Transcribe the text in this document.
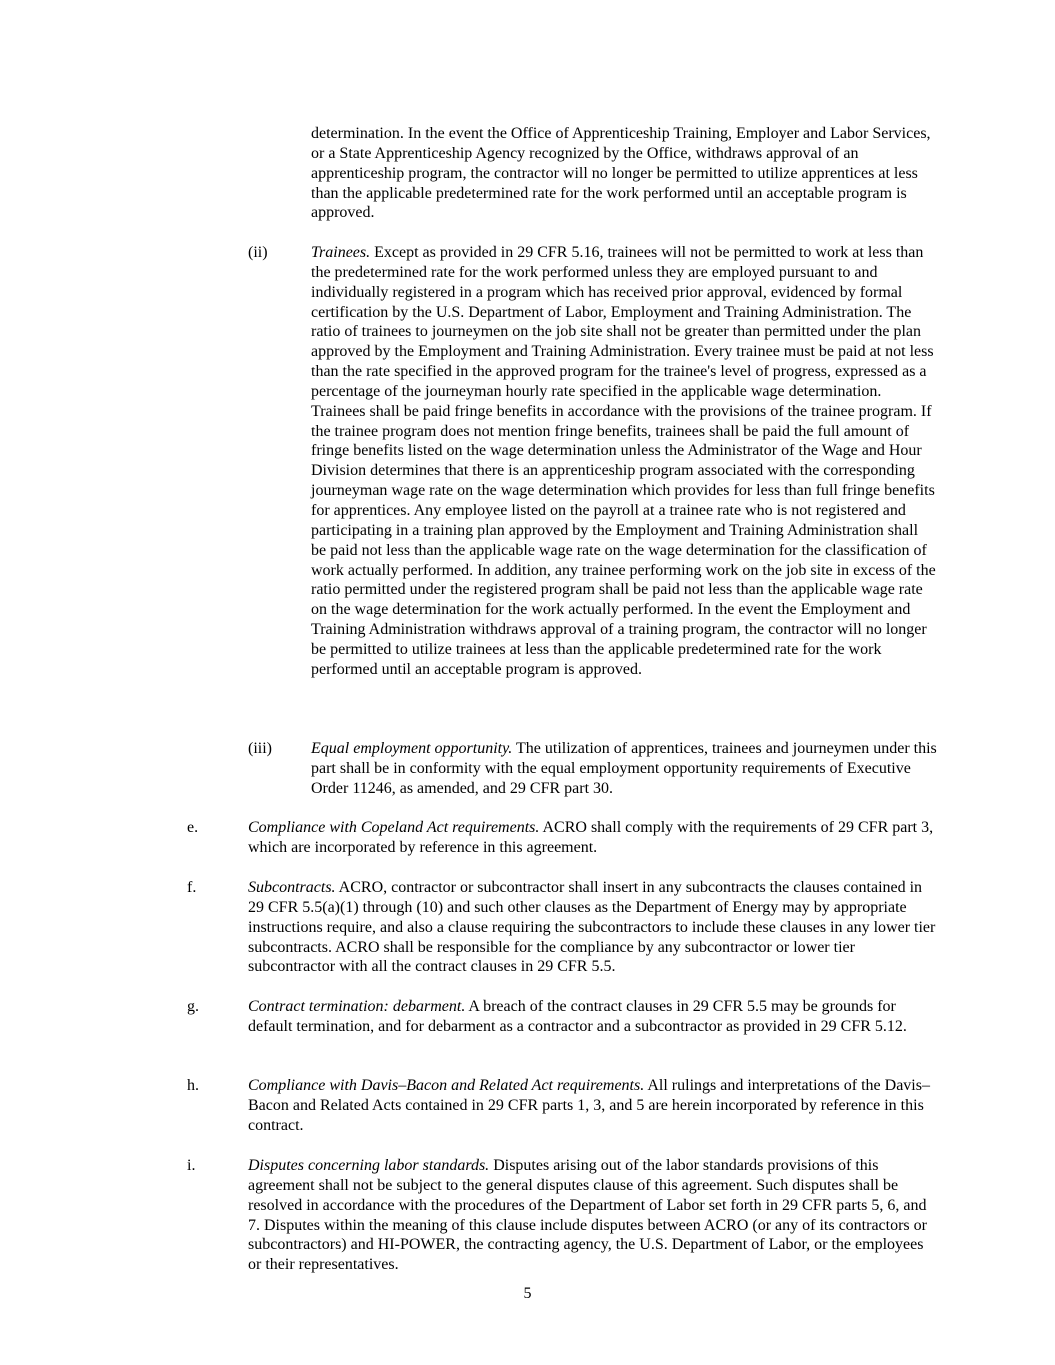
determination. In the event the Office of Apprenticeship Training, Employer and Labor Services, or a State Apprenticeship Agency recognized by the Office, withdraws approval of an apprenticeship program, the contractor will no longer be permitted to utilize apprentices at less than the applicable predetermined rate for the work performed until an acceptable program is approved.

(ii)	Trainees. Except as provided in 29 CFR 5.16, trainees will not be permitted to work at less than the predetermined rate for the work performed unless they are employed pursuant to and individually registered in a program which has received prior approval, evidenced by formal certification by the U.S. Department of Labor, Employment and Training Administration. The ratio of trainees to journeymen on the job site shall not be greater than permitted under the plan approved by the Employment and Training Administration. Every trainee must be paid at not less than the rate specified in the approved program for the trainee's level of progress, expressed as a percentage of the journeyman hourly rate specified in the applicable wage determination. Trainees shall be paid fringe benefits in accordance with the provisions of the trainee program. If the trainee program does not mention fringe benefits, trainees shall be paid the full amount of fringe benefits listed on the wage determination unless the Administrator of the Wage and Hour Division determines that there is an apprenticeship program associated with the corresponding journeyman wage rate on the wage determination which provides for less than full fringe benefits for apprentices. Any employee listed on the payroll at a trainee rate who is not registered and participating in a training plan approved by the Employment and Training Administration shall be paid not less than the applicable wage rate on the wage determination for the classification of work actually performed. In addition, any trainee performing work on the job site in excess of the ratio permitted under the registered program shall be paid not less than the applicable wage rate on the wage determination for the work actually performed. In the event the Employment and Training Administration withdraws approval of a training program, the contractor will no longer be permitted to utilize trainees at less than the applicable predetermined rate for the work performed until an acceptable program is approved.

(iii) Equal employment opportunity. The utilization of apprentices, trainees and journeymen under this part shall be in conformity with the equal employment opportunity requirements of Executive Order 11246, as amended, and 29 CFR part 30.

e.	Compliance with Copeland Act requirements. ACRO shall comply with the requirements of 29 CFR part 3, which are incorporated by reference in this agreement.

f.	Subcontracts. ACRO, contractor or subcontractor shall insert in any subcontracts the clauses contained in 29 CFR 5.5(a)(1) through (10) and such other clauses as the Department of Energy may by appropriate instructions require, and also a clause requiring the subcontractors to include these clauses in any lower tier subcontracts. ACRO shall be responsible for the compliance by any subcontractor or lower tier subcontractor with all the contract clauses in 29 CFR 5.5.

g.	Contract termination: debarment. A breach of the contract clauses in 29 CFR 5.5 may be grounds for default termination, and for debarment as a contractor and a subcontractor as provided in 29 CFR 5.12.

h.	Compliance with Davis–Bacon and Related Act requirements. All rulings and interpretations of the Davis–Bacon and Related Acts contained in 29 CFR parts 1, 3, and 5 are herein incorporated by reference in this contract.

i.	Disputes concerning labor standards. Disputes arising out of the labor standards provisions of this agreement shall not be subject to the general disputes clause of this agreement. Such disputes shall be resolved in accordance with the procedures of the Department of Labor set forth in 29 CFR parts 5, 6, and 7. Disputes within the meaning of this clause include disputes between ACRO (or any of its contractors or subcontractors) and HI-POWER, the contracting agency, the U.S. Department of Labor, or the employees or their representatives.

5
